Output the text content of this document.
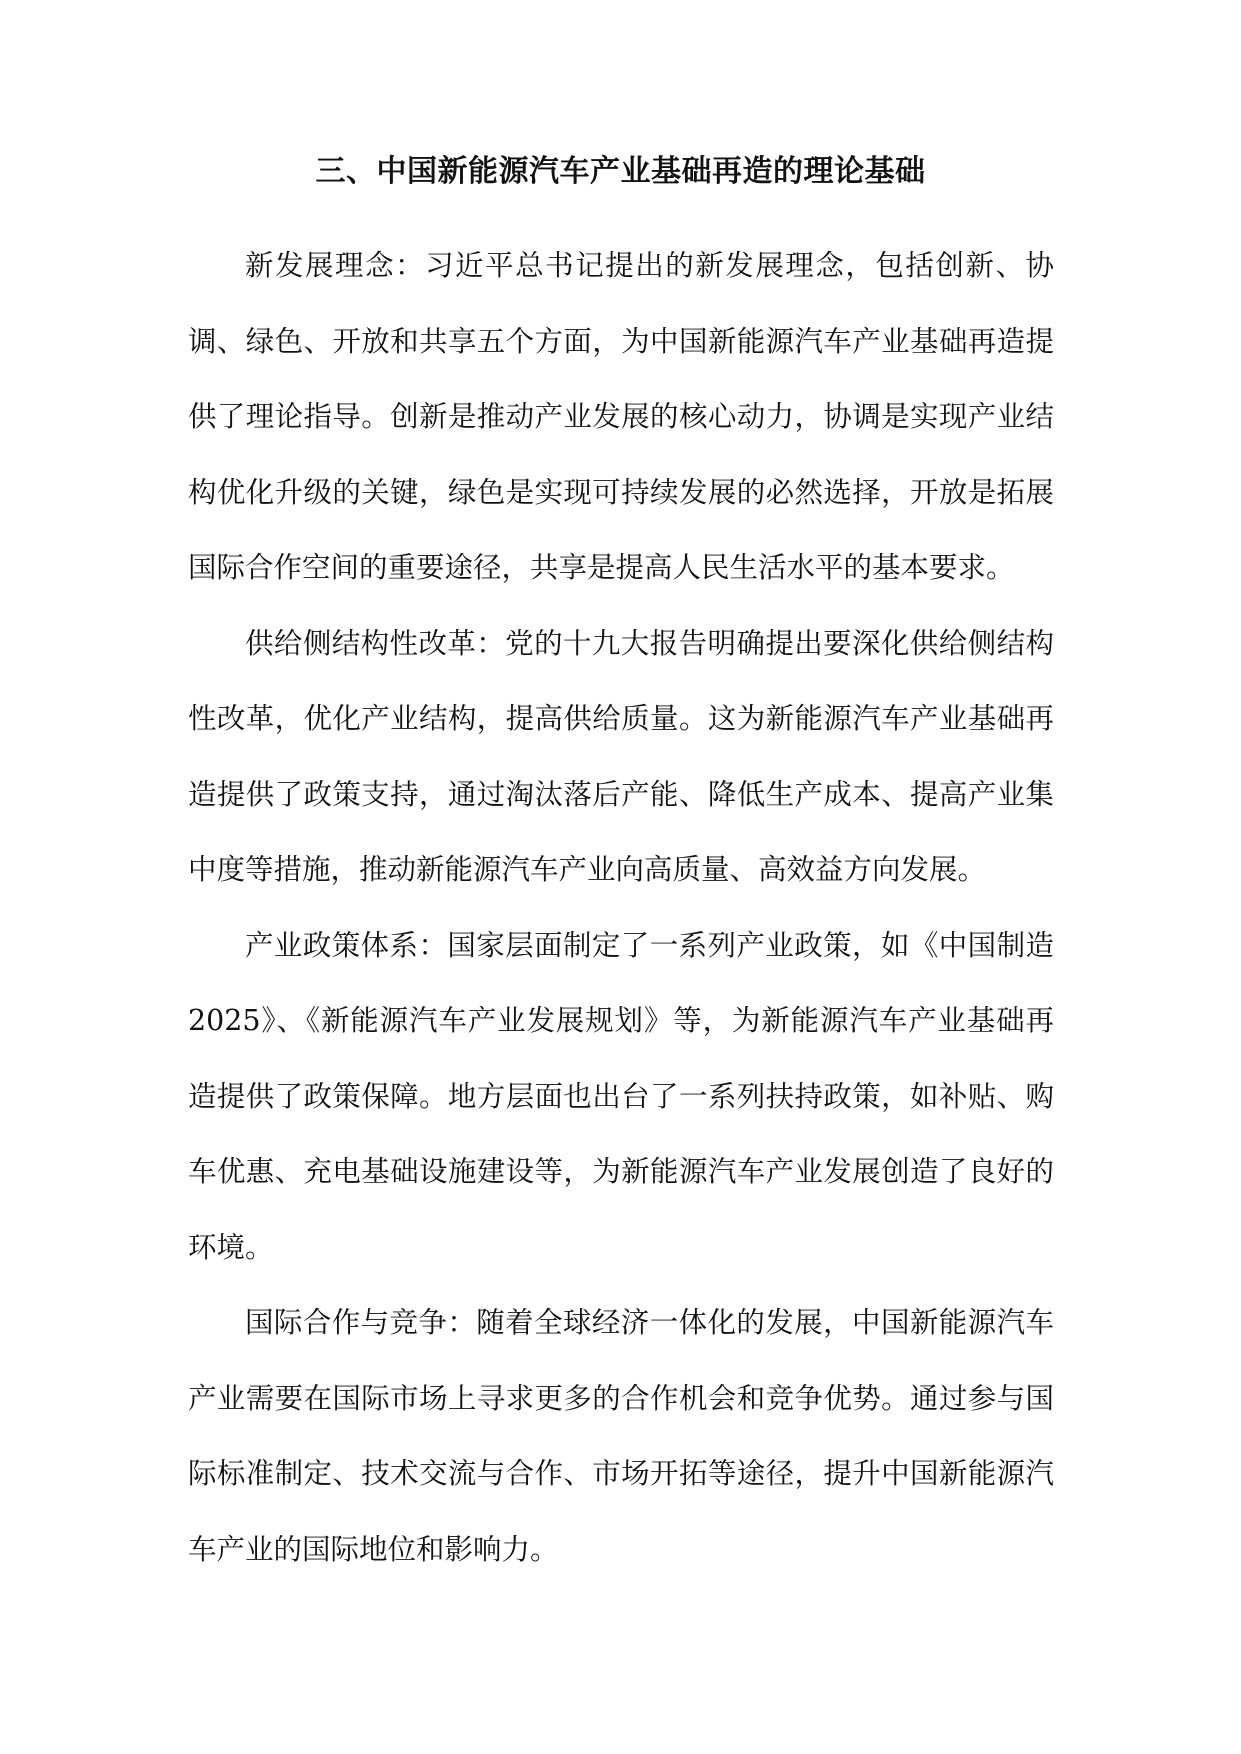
三、中国新能源汽车产业基础再造的理论基础

新发展理念：习近平总书记提出的新发展理念，包括创新、协调、绿色、开放和共享五个方面，为中国新能源汽车产业基础再造提供了理论指导。创新是推动产业发展的核心动力，协调是实现产业结构优化升级的关键，绿色是实现可持续发展的必然选择，开放是拓展国际合作空间的重要途径，共享是提高人民生活水平的基本要求。

供给侧结构性改革：党的十九大报告明确提出要深化供给侧结构性改革，优化产业结构，提高供给质量。这为新能源汽车产业基础再造提供了政策支持，通过淘汰落后产能、降低生产成本、提高产业集中度等措施，推动新能源汽车产业向高质量、高效益方向发展。

产业政策体系：国家层面制定了一系列产业政策，如《中国制造2025》、《新能源汽车产业发展规划》等，为新能源汽车产业基础再造提供了政策保障。地方层面也出台了一系列扶持政策，如补贴、购车优惠、充电基础设施建设等，为新能源汽车产业发展创造了良好的环境。

国际合作与竞争：随着全球经济一体化的发展，中国新能源汽车产业需要在国际市场上寻求更多的合作机会和竞争优势。通过参与国际标准制定、技术交流与合作、市场开拓等途径，提升中国新能源汽车产业的国际地位和影响力。
